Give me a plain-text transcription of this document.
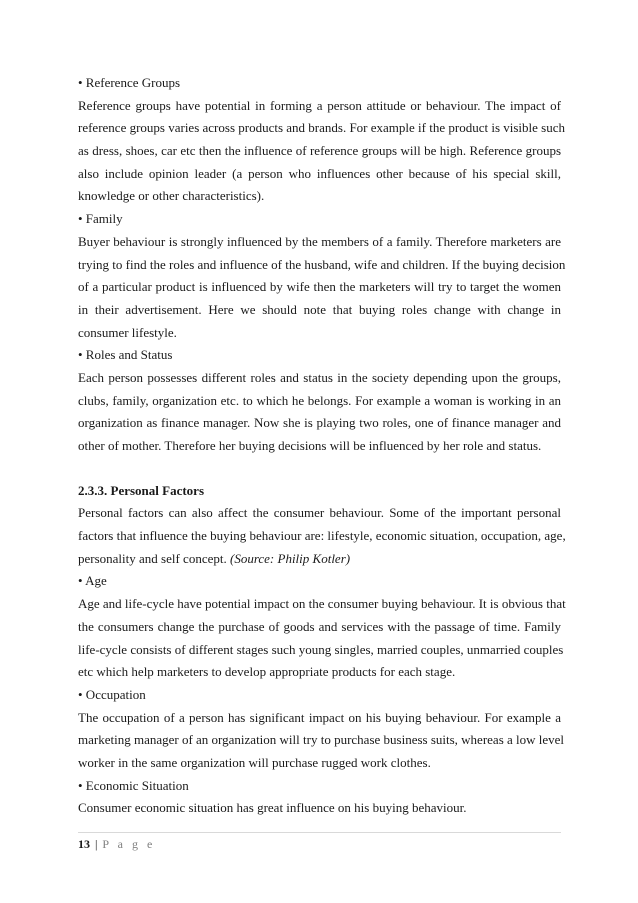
• Reference Groups
Reference groups have potential in forming a person attitude or behaviour. The impact of
reference groups varies across products and brands. For example if the product is visible such
as dress, shoes, car etc then the influence of reference groups will be high. Reference groups
also include opinion leader (a person who influences other because of his special skill,
knowledge or other characteristics).
• Family
Buyer behaviour is strongly influenced by the members of a family. Therefore marketers are
trying to find the roles and influence of the husband, wife and children. If the buying decision
of a particular product is influenced by wife then the marketers will try to target the women
in their advertisement. Here we should note that buying roles change with change in
consumer lifestyle.
• Roles and Status
Each person possesses different roles and status in the society depending upon the groups,
clubs, family, organization etc. to which he belongs. For example a woman is working in an
organization as finance manager. Now she is playing two roles, one of finance manager and
other of mother. Therefore her buying decisions will be influenced by her role and status.
2.3.3. Personal Factors
Personal factors can also affect the consumer behaviour. Some of the important personal
factors that influence the buying behaviour are: lifestyle, economic situation, occupation, age,
personality and self concept. (Source: Philip Kotler)
• Age
Age and life-cycle have potential impact on the consumer buying behaviour. It is obvious that
the consumers change the purchase of goods and services with the passage of time. Family
life-cycle consists of different stages such young singles, married couples, unmarried couples
etc which help marketers to develop appropriate products for each stage.
• Occupation
The occupation of a person has significant impact on his buying behaviour. For example a
marketing manager of an organization will try to purchase business suits, whereas a low level
worker in the same organization will purchase rugged work clothes.
• Economic Situation
Consumer economic situation has great influence on his buying behaviour.
13 | P a g e
